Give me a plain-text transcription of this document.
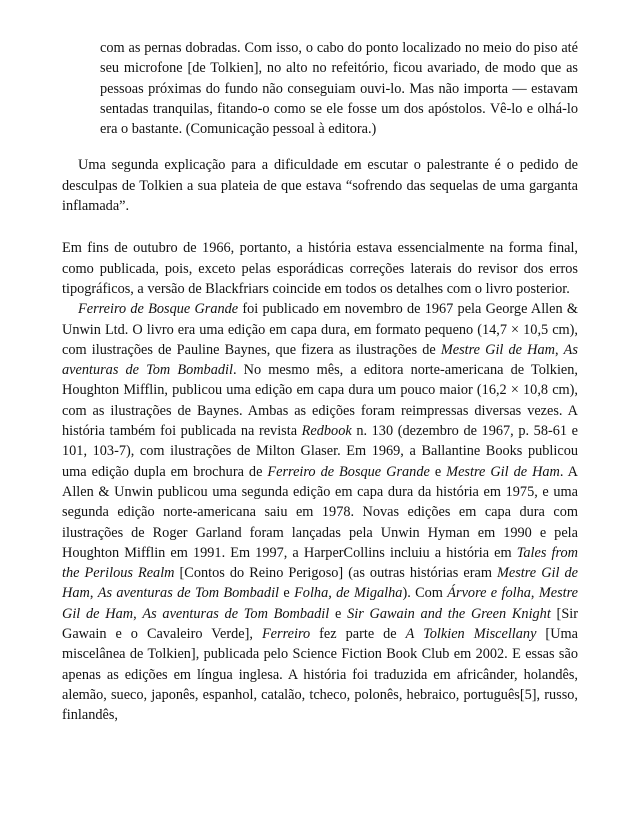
com as pernas dobradas. Com isso, o cabo do ponto localizado no meio do piso até seu microfone [de Tolkien], no alto no refeitório, ficou avariado, de modo que as pessoas próximas do fundo não conseguiam ouvi-lo. Mas não importa — estavam sentadas tranquilas, fitando-o como se ele fosse um dos apóstolos. Vê-lo e olhá-lo era o bastante. (Comunicação pessoal à editora.)

Uma segunda explicação para a dificuldade em escutar o palestrante é o pedido de desculpas de Tolkien a sua plateia de que estava “sofrendo das sequelas de uma garganta inflamada”.

Em fins de outubro de 1966, portanto, a história estava essencialmente na forma final, como publicada, pois, exceto pelas esporádicas correções laterais do revisor dos erros tipográficos, a versão de Blackfriars coincide em todos os detalhes com o livro posterior.

Ferreiro de Bosque Grande foi publicado em novembro de 1967 pela George Allen & Unwin Ltd. O livro era uma edição em capa dura, em formato pequeno (14,7 × 10,5 cm), com ilustrações de Pauline Baynes, que fizera as ilustrações de Mestre Gil de Ham, As aventuras de Tom Bombadil. No mesmo mês, a editora norte-americana de Tolkien, Houghton Mifflin, publicou uma edição em capa dura um pouco maior (16,2 × 10,8 cm), com as ilustrações de Baynes. Ambas as edições foram reimpressas diversas vezes. A história também foi publicada na revista Redbook n. 130 (dezembro de 1967, p. 58-61 e 101, 103-7), com ilustrações de Milton Glaser. Em 1969, a Ballantine Books publicou uma edição dupla em brochura de Ferreiro de Bosque Grande e Mestre Gil de Ham. A Allen & Unwin publicou uma segunda edição em capa dura da história em 1975, e uma segunda edição norte-americana saiu em 1978. Novas edições em capa dura com ilustrações de Roger Garland foram lançadas pela Unwin Hyman em 1990 e pela Houghton Mifflin em 1991. Em 1997, a HarperCollins incluiu a história em Tales from the Perilous Realm [Contos do Reino Perigoso] (as outras histórias eram Mestre Gil de Ham, As aventuras de Tom Bombadil e Folha, de Migalha). Com Árvore e folha, Mestre Gil de Ham, As aventuras de Tom Bombadil e Sir Gawain and the Green Knight [Sir Gawain e o Cavaleiro Verde], Ferreiro fez parte de A Tolkien Miscellany [Uma miscelânea de Tolkien], publicada pelo Science Fiction Book Club em 2002. E essas são apenas as edições em língua inglesa. A história foi traduzida em africânder, holandês, alemão, sueco, japonês, espanhol, catalão, tcheco, polonês, hebraico, português[5], russo, finlandês,
